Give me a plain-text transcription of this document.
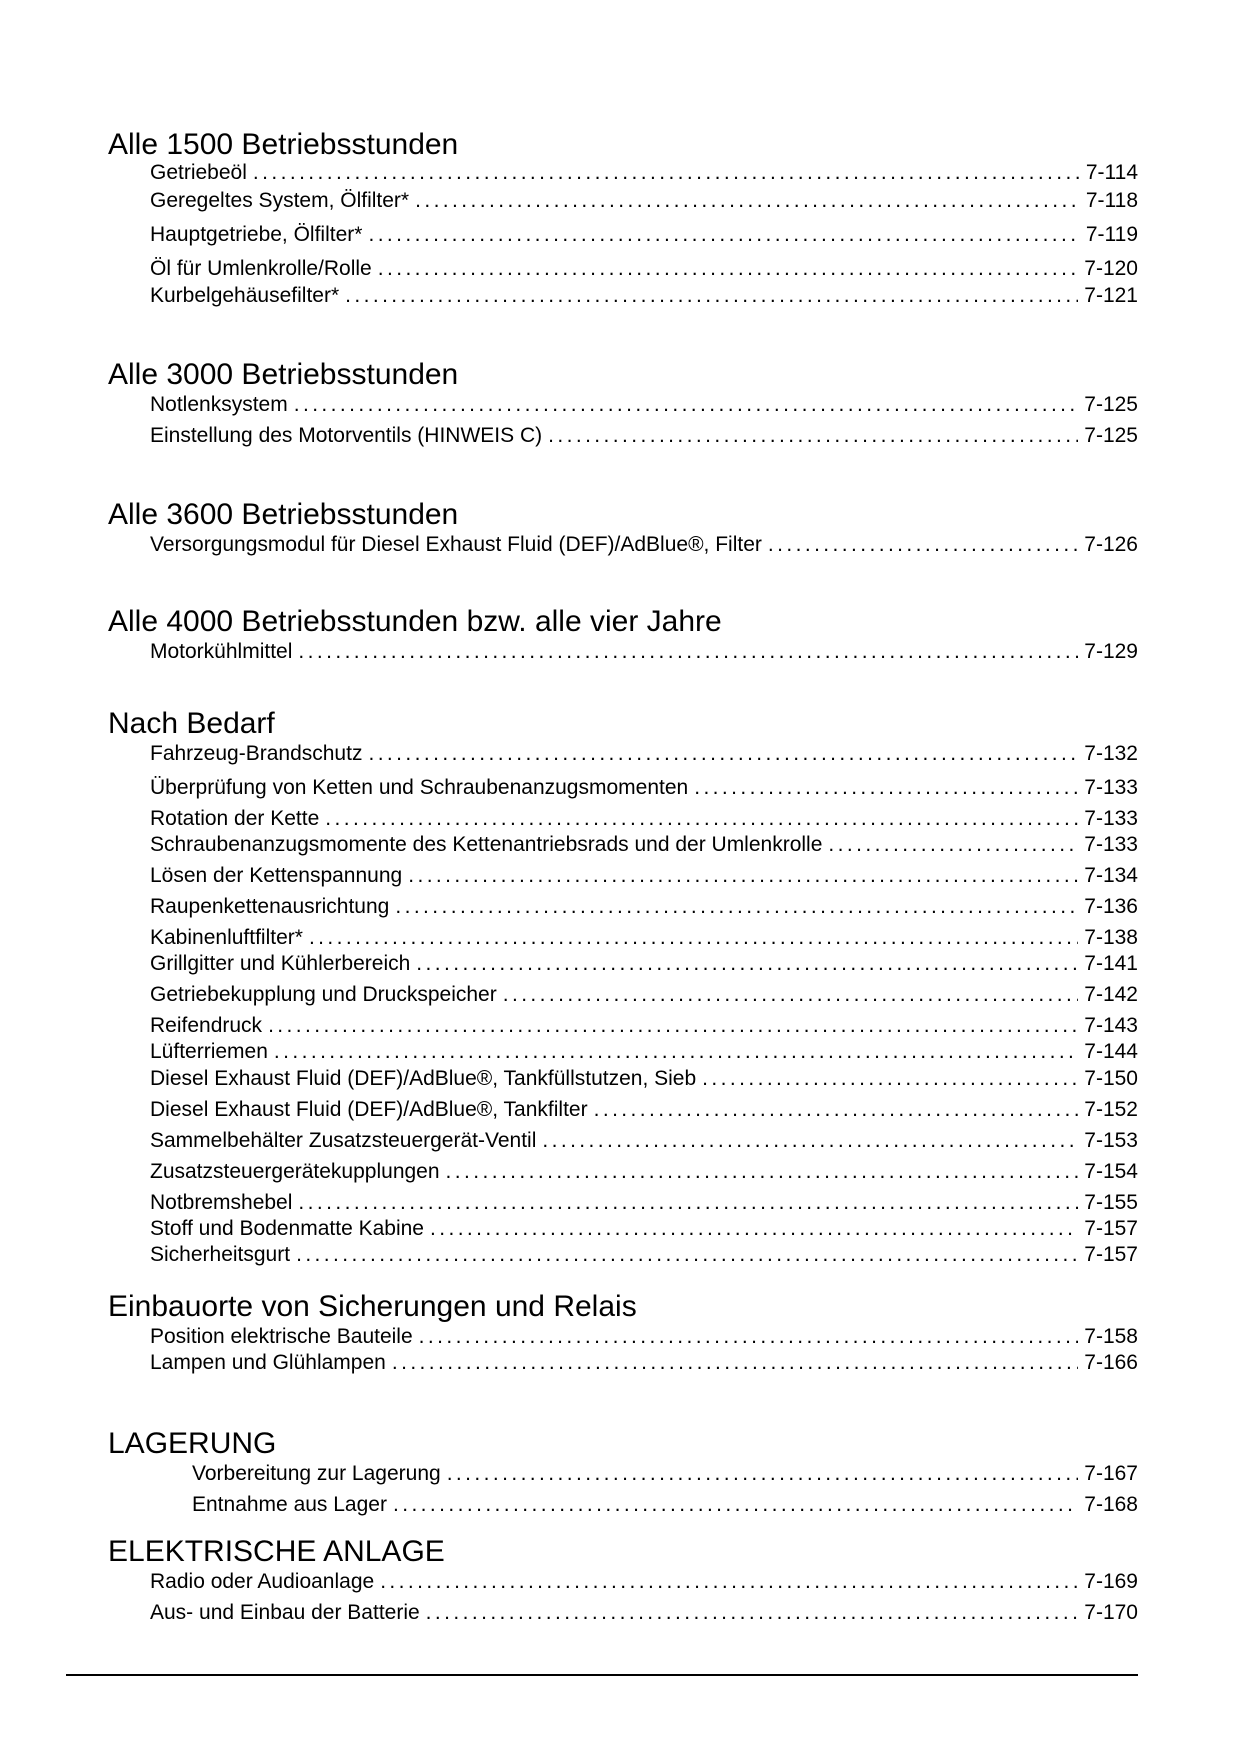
Alle 1500 Betriebsstunden
Getriebeöl .....	7-114
Geregeltes System, Ölfilter* .....	7-118
Hauptgetriebe, Ölfilter* .....	7-119
Öl für Umlenkrolle/Rolle .....	7-120
Kurbelgehäusefilter* .....	7-121
Alle 3000 Betriebsstunden
Notlenksystem .....	7-125
Einstellung des Motorventils (HINWEIS C) .....	7-125
Alle 3600 Betriebsstunden
Versorgungsmodul für Diesel Exhaust Fluid (DEF)/AdBlue®, Filter .....	7-126
Alle 4000 Betriebsstunden bzw. alle vier Jahre
Motorkühlmittel .....	7-129
Nach Bedarf
Fahrzeug-Brandschutz .....	7-132
Überprüfung von Ketten und Schraubenanzugsmomenten .....	7-133
Rotation der Kette .....	7-133
Schraubenanzugsmomente des Kettenantriebsrads und der Umlenkrolle .....	7-133
Lösen der Kettenspannung .....	7-134
Raupenkettenausrichtung .....	7-136
Kabinenluftfilter* .....	7-138
Grillgitter und Kühlerbereich .....	7-141
Getriebekupplung und Druckspeicher .....	7-142
Reifendruck .....	7-143
Lüfterriemen .....	7-144
Diesel Exhaust Fluid (DEF)/AdBlue®, Tankfüllstutzen, Sieb .....	7-150
Diesel Exhaust Fluid (DEF)/AdBlue®, Tankfilter .....	7-152
Sammelbehälter Zusatzsteuergerät-Ventil .....	7-153
Zusatzsteuergerätekupplungen .....	7-154
Notbremshebel .....	7-155
Stoff und Bodenmatte Kabine .....	7-157
Sicherheitsgurt .....	7-157
Einbauorte von Sicherungen und Relais
Position elektrische Bauteile .....	7-158
Lampen und Glühlampen .....	7-166
LAGERUNG
Vorbereitung zur Lagerung .....	7-167
Entnahme aus Lager .....	7-168
ELEKTRISCHE ANLAGE
Radio oder Audioanlage .....	7-169
Aus- und Einbau der Batterie .....	7-170
